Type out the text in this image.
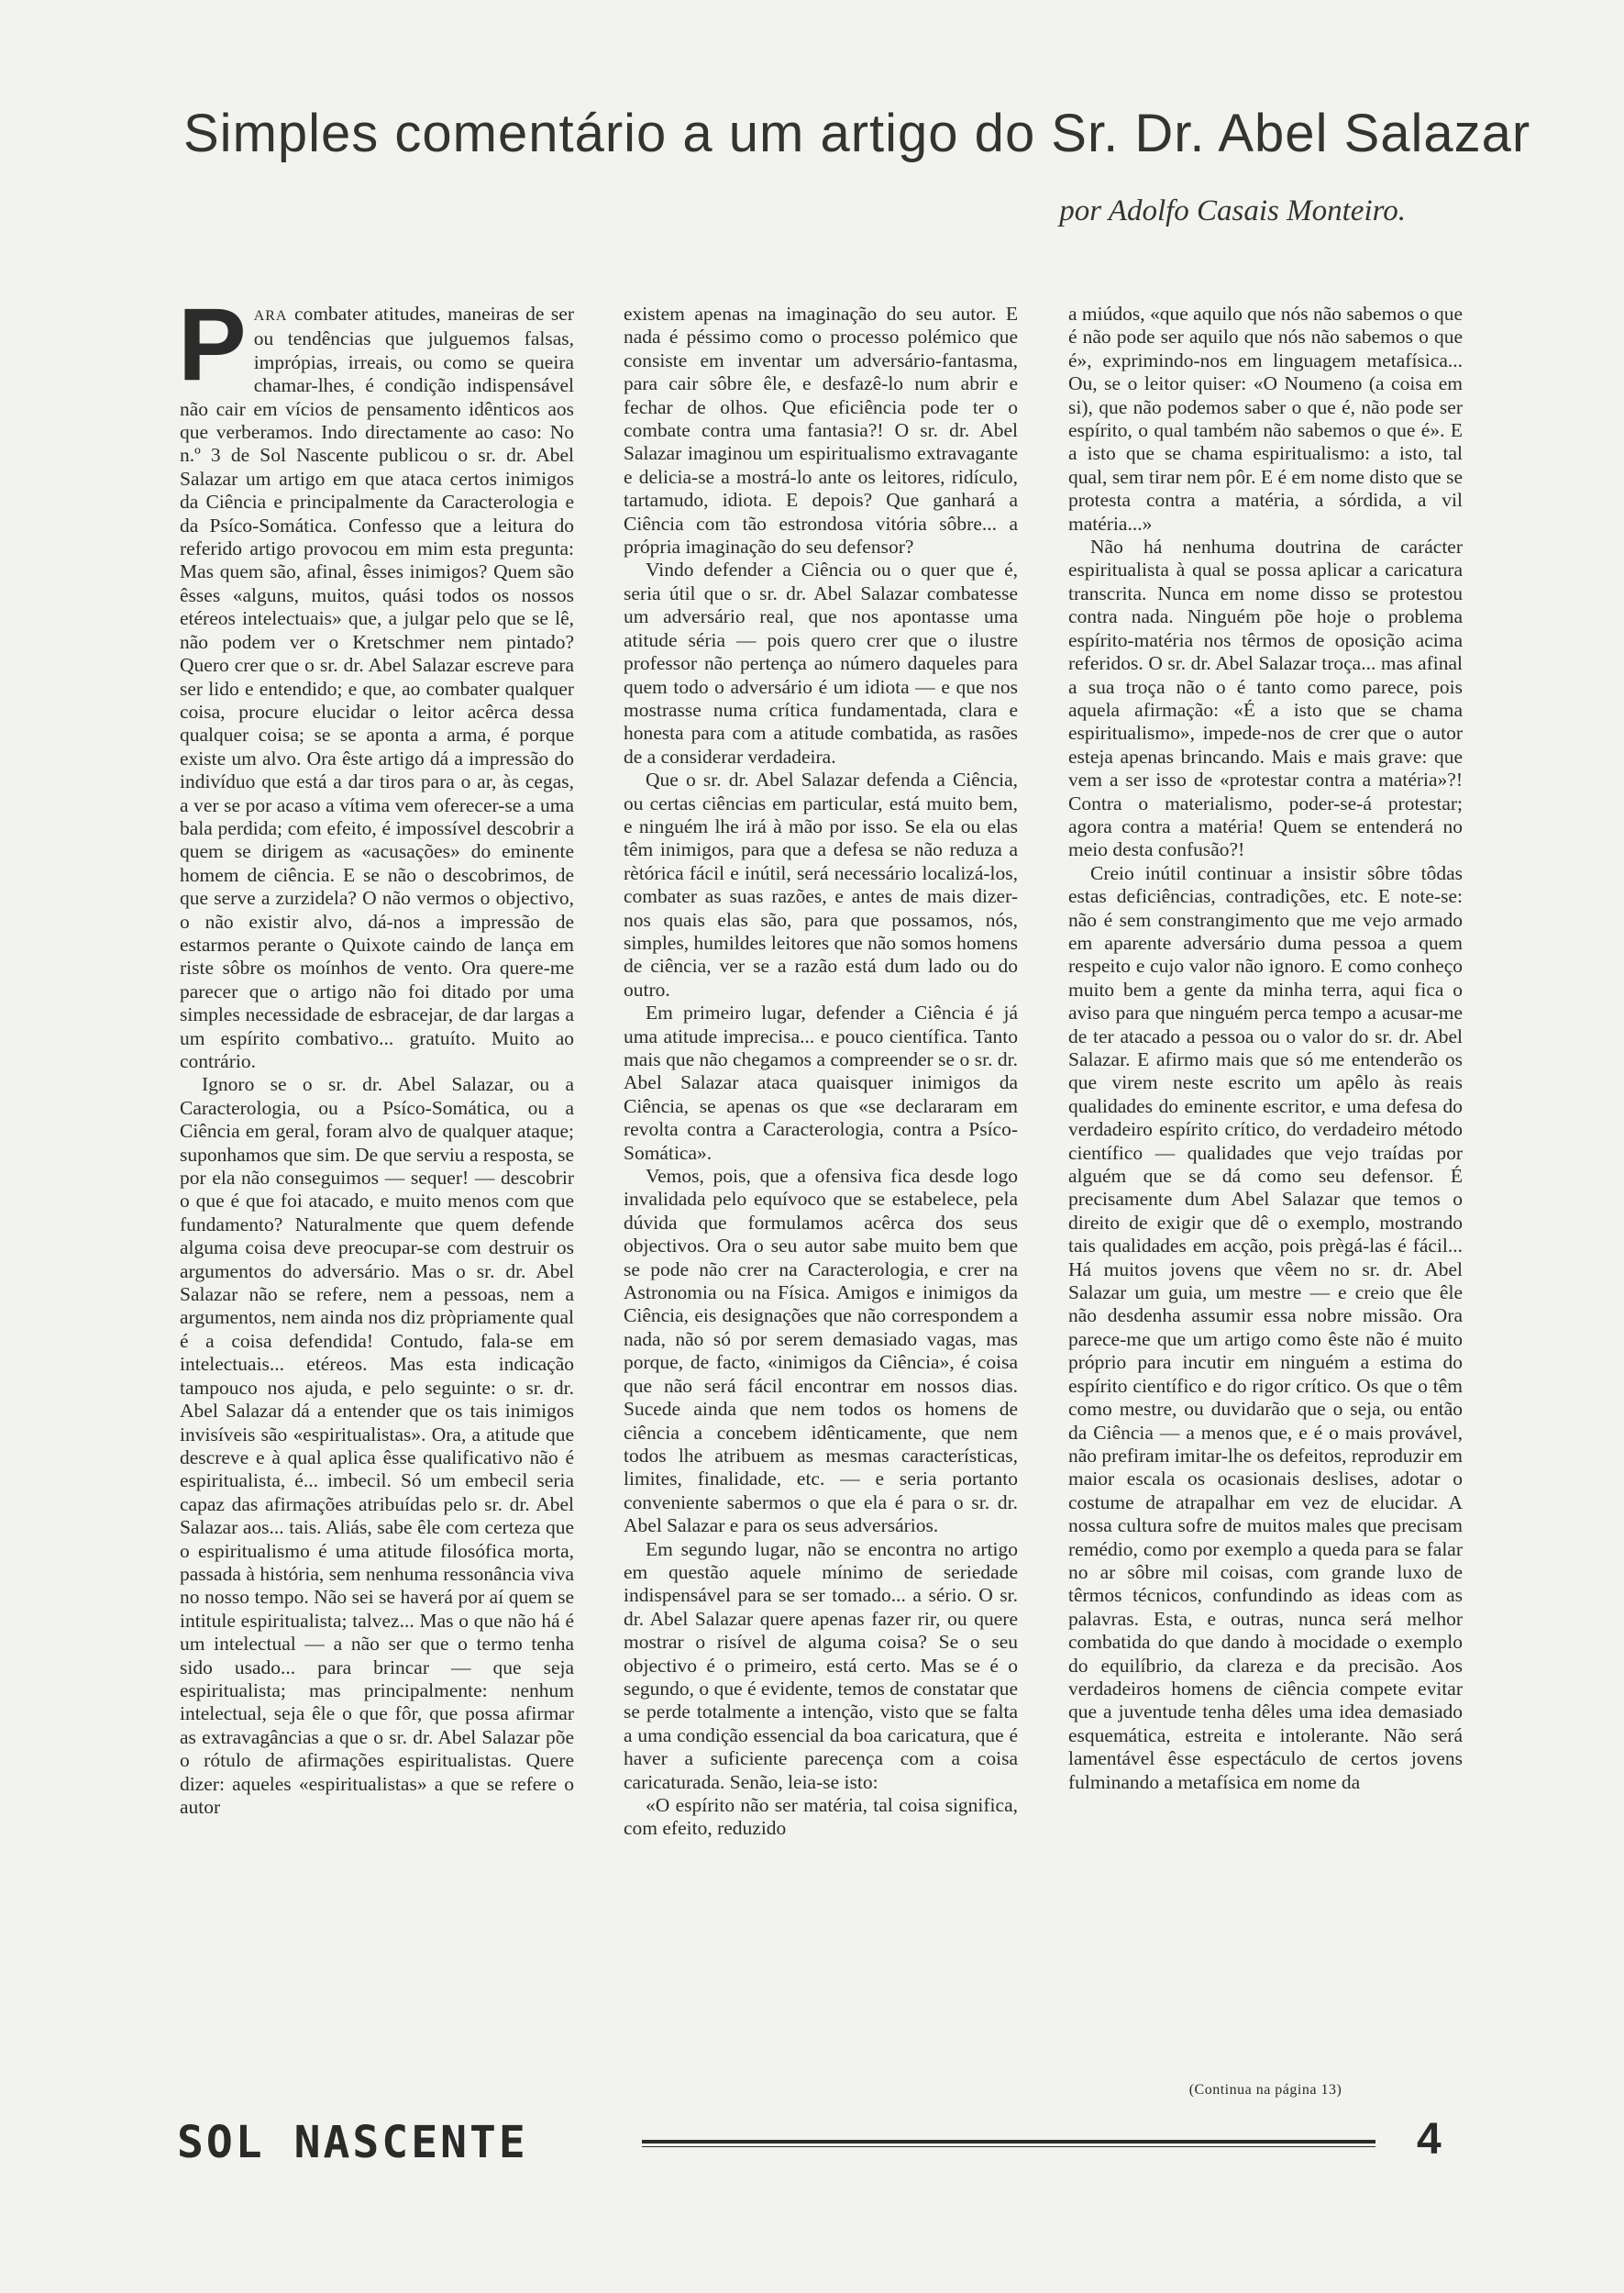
Simples comentário a um artigo do Sr. Dr. Abel Salazar
por Adolfo Casais Monteiro.

PARA combater atitudes, maneiras de ser ou tendências que julguemos falsas, imprópias, irreais, ou como se queira chamar-lhes, é condição indispensável não cair em vícios de pensamento idênticos aos que verberamos. Indo directamente ao caso: No n.º 3 de Sol Nascente publicou o sr. dr. Abel Salazar um artigo em que ataca certos inimigos da Ciência e principalmente da Caracterologia e da Psíco-Somática. Confesso que a leitura do referido artigo provocou em mim esta pregunta: Mas quem são, afinal, êsses inimigos? Quem são êsses «alguns, muitos, quási todos os nossos etéreos intelectuais» que, a julgar pelo que se lê, não podem ver o Kretschmer nem pintado? Quero crer que o sr. dr. Abel Salazar escreve para ser lido e entendido; e que, ao combater qualquer coisa, procure elucidar o leitor acêrca dessa qualquer coisa; se se aponta a arma, é porque existe um alvo. Ora êste artigo dá a impressão do indivíduo que está a dar tiros para o ar, às cegas, a ver se por acaso a vítima vem oferecer-se a uma bala perdida; com efeito, é impossível descobrir a quem se dirigem as «acusações» do eminente homem de ciência. E se não o descobrimos, de que serve a zurzidela? O não vermos o objectivo, o não existir alvo, dá-nos a impressão de estarmos perante o Quixote caindo de lança em riste sôbre os moínhos de vento. Ora quere-me parecer que o artigo não foi ditado por uma simples necessidade de esbracejar, de dar largas a um espírito combativo... gratuíto. Muito ao contrário.

Ignoro se o sr. dr. Abel Salazar, ou a Caracterologia, ou a Psíco-Somática, ou a Ciência em geral, foram alvo de qualquer ataque; suponhamos que sim. De que serviu a resposta, se por ela não conseguimos — sequer! — descobrir o que é que foi atacado, e muito menos com que fundamento? Naturalmente que quem defende alguma coisa deve preocupar-se com destruir os argumentos do adversário. Mas o sr. dr. Abel Salazar não se refere, nem a pessoas, nem a argumentos, nem ainda nos diz pròpriamente qual é a coisa defendida! Contudo, fala-se em intelectuais... etéreos. Mas esta indicação tampouco nos ajuda, e pelo seguinte: o sr. dr. Abel Salazar dá a entender que os tais inimigos invisíveis são «espiritualistas». Ora, a atitude que descreve e à qual aplica êsse qualificativo não é espiritualista, é... imbecil. Só um embecil seria capaz das afirmações atribuídas pelo sr. dr. Abel Salazar aos... tais. Aliás, sabe êle com certeza que o espiritualismo é uma atitude filosófica morta, passada à história, sem nenhuma ressonância viva no nosso tempo. Não sei se haverá por aí quem se intitule espiritualista; talvez... Mas o que não há é um intelectual — a não ser que o termo tenha sido usado... para brincar — que seja espiritualista; mas principalmente: nenhum intelectual, seja êle o que fôr, que possa afirmar as extravagâncias a que o sr. dr. Abel Salazar põe o rótulo de afirmações espiritualistas. Quere dizer: aqueles «espiritualistas» a que se refere o autor

existem apenas na imaginação do seu autor. E nada é péssimo como o processo polémico que consiste em inventar um adversário-fantasma, para cair sôbre êle, e desfazê-lo num abrir e fechar de olhos. Que eficiência pode ter o combate contra uma fantasia?! O sr. dr. Abel Salazar imaginou um espiritualismo extravagante e delicia-se a mostrá-lo ante os leitores, ridículo, tartamudo, idiota. E depois? Que ganhará a Ciência com tão estrondosa vitória sôbre... a própria imaginação do seu defensor?

Vindo defender a Ciência ou o quer que é, seria útil que o sr. dr. Abel Salazar combatesse um adversário real, que nos apontasse uma atitude séria — pois quero crer que o ilustre professor não pertença ao número daqueles para quem todo o adversário é um idiota — e que nos mostrasse numa crítica fundamentada, clara e honesta para com a atitude combatida, as rasões de a considerar verdadeira.

Que o sr. dr. Abel Salazar defenda a Ciência, ou certas ciências em particular, está muito bem, e ninguém lhe irá à mão por isso. Se ela ou elas têm inimigos, para que a defesa se não reduza a rètórica fácil e inútil, será necessário localizá-los, combater as suas razões, e antes de mais dizer-nos quais elas são, para que possamos, nós, simples, humildes leitores que não somos homens de ciência, ver se a razão está dum lado ou do outro.

Em primeiro lugar, defender a Ciência é já uma atitude imprecisa... e pouco científica. Tanto mais que não chegamos a compreender se o sr. dr. Abel Salazar ataca quaisquer inimigos da Ciência, se apenas os que «se declararam em revolta contra a Caracterologia, contra a Psíco-Somática».

Vemos, pois, que a ofensiva fica desde logo invalidada pelo equívoco que se estabelece, pela dúvida que formulamos acêrca dos seus objectivos. Ora o seu autor sabe muito bem que se pode não crer na Caracterologia, e crer na Astronomia ou na Física. Amigos e inimigos da Ciência, eis designações que não correspondem a nada, não só por serem demasiado vagas, mas porque, de facto, «inimigos da Ciência», é coisa que não será fácil encontrar em nossos dias. Sucede ainda que nem todos os homens de ciência a concebem idênticamente, que nem todos lhe atribuem as mesmas características, limites, finalidade, etc. — e seria portanto conveniente sabermos o que ela é para o sr. dr. Abel Salazar e para os seus adversários.

Em segundo lugar, não se encontra no artigo em questão aquele mínimo de seriedade indispensável para se ser tomado... a sério. O sr. dr. Abel Salazar quere apenas fazer rir, ou quere mostrar o risível de alguma coisa? Se o seu objectivo é o primeiro, está certo. Mas se é o segundo, o que é evidente, temos de constatar que se perde totalmente a intenção, visto que se falta a uma condição essencial da boa caricatura, que é haver a suficiente parecença com a coisa caricaturada. Senão, leia-se isto:

«O espírito não ser matéria, tal coisa significa, com efeito, reduzido

a miúdos, «que aquilo que nós não sabemos o que é não pode ser aquilo que nós não sabemos o que é», exprimindo-nos em linguagem metafísica... Ou, se o leitor quiser: «O Noumeno (a coisa em si), que não podemos saber o que é, não pode ser espírito, o qual também não sabemos o que é». E a isto que se chama espiritualismo: a isto, tal qual, sem tirar nem pôr. E é em nome disto que se protesta contra a matéria, a sórdida, a vil matéria...»

Não há nenhuma doutrina de carácter espiritualista à qual se possa aplicar a caricatura transcrita. Nunca em nome disso se protestou contra nada. Ninguém põe hoje o problema espírito-matéria nos têrmos de oposição acima referidos. O sr. dr. Abel Salazar troça... mas afinal a sua troça não o é tanto como parece, pois aquela afirmação: «É a isto que se chama espiritualismo», impede-nos de crer que o autor esteja apenas brincando. Mais e mais grave: que vem a ser isso de «protestar contra a matéria»?! Contra o materialismo, poder-se-á protestar; agora contra a matéria! Quem se entenderá no meio desta confusão?!

Creio inútil continuar a insistir sôbre tôdas estas deficiências, contradições, etc. E note-se: não é sem constrangimento que me vejo armado em aparente adversário duma pessoa a quem respeito e cujo valor não ignoro. E como conheço muito bem a gente da minha terra, aqui fica o aviso para que ninguém perca tempo a acusar-me de ter atacado a pessoa ou o valor do sr. dr. Abel Salazar. E afirmo mais que só me entenderão os que virem neste escrito um apêlo às reais qualidades do eminente escritor, e uma defesa do verdadeiro espírito crítico, do verdadeiro método científico — qualidades que vejo traídas por alguém que se dá como seu defensor. É precisamente dum Abel Salazar que temos o direito de exigir que dê o exemplo, mostrando tais qualidades em acção, pois prègá-las é fácil... Há muitos jovens que vêem no sr. dr. Abel Salazar um guia, um mestre — e creio que êle não desdenha assumir essa nobre missão. Ora parece-me que um artigo como êste não é muito próprio para incutir em ninguém a estima do espírito científico e do rigor crítico. Os que o têm como mestre, ou duvidarão que o seja, ou então da Ciência — a menos que, e é o mais provável, não prefiram imitar-lhe os defeitos, reproduzir em maior escala os ocasionais deslises, adotar o costume de atrapalhar em vez de elucidar. A nossa cultura sofre de muitos males que precisam remédio, como por exemplo a queda para se falar no ar sôbre mil coisas, com grande luxo de têrmos técnicos, confundindo as ideas com as palavras. Esta, e outras, nunca será melhor combatida do que dando à mocidade o exemplo do equilíbrio, da clareza e da precisão. Aos verdadeiros homens de ciência compete evitar que a juventude tenha dêles uma idea demasiado esquemática, estreita e intolerante. Não será lamentável êsse espectáculo de certos jovens fulminando a metafísica em nome da

(Continua na página 13)
SOL NASCENTE	4
